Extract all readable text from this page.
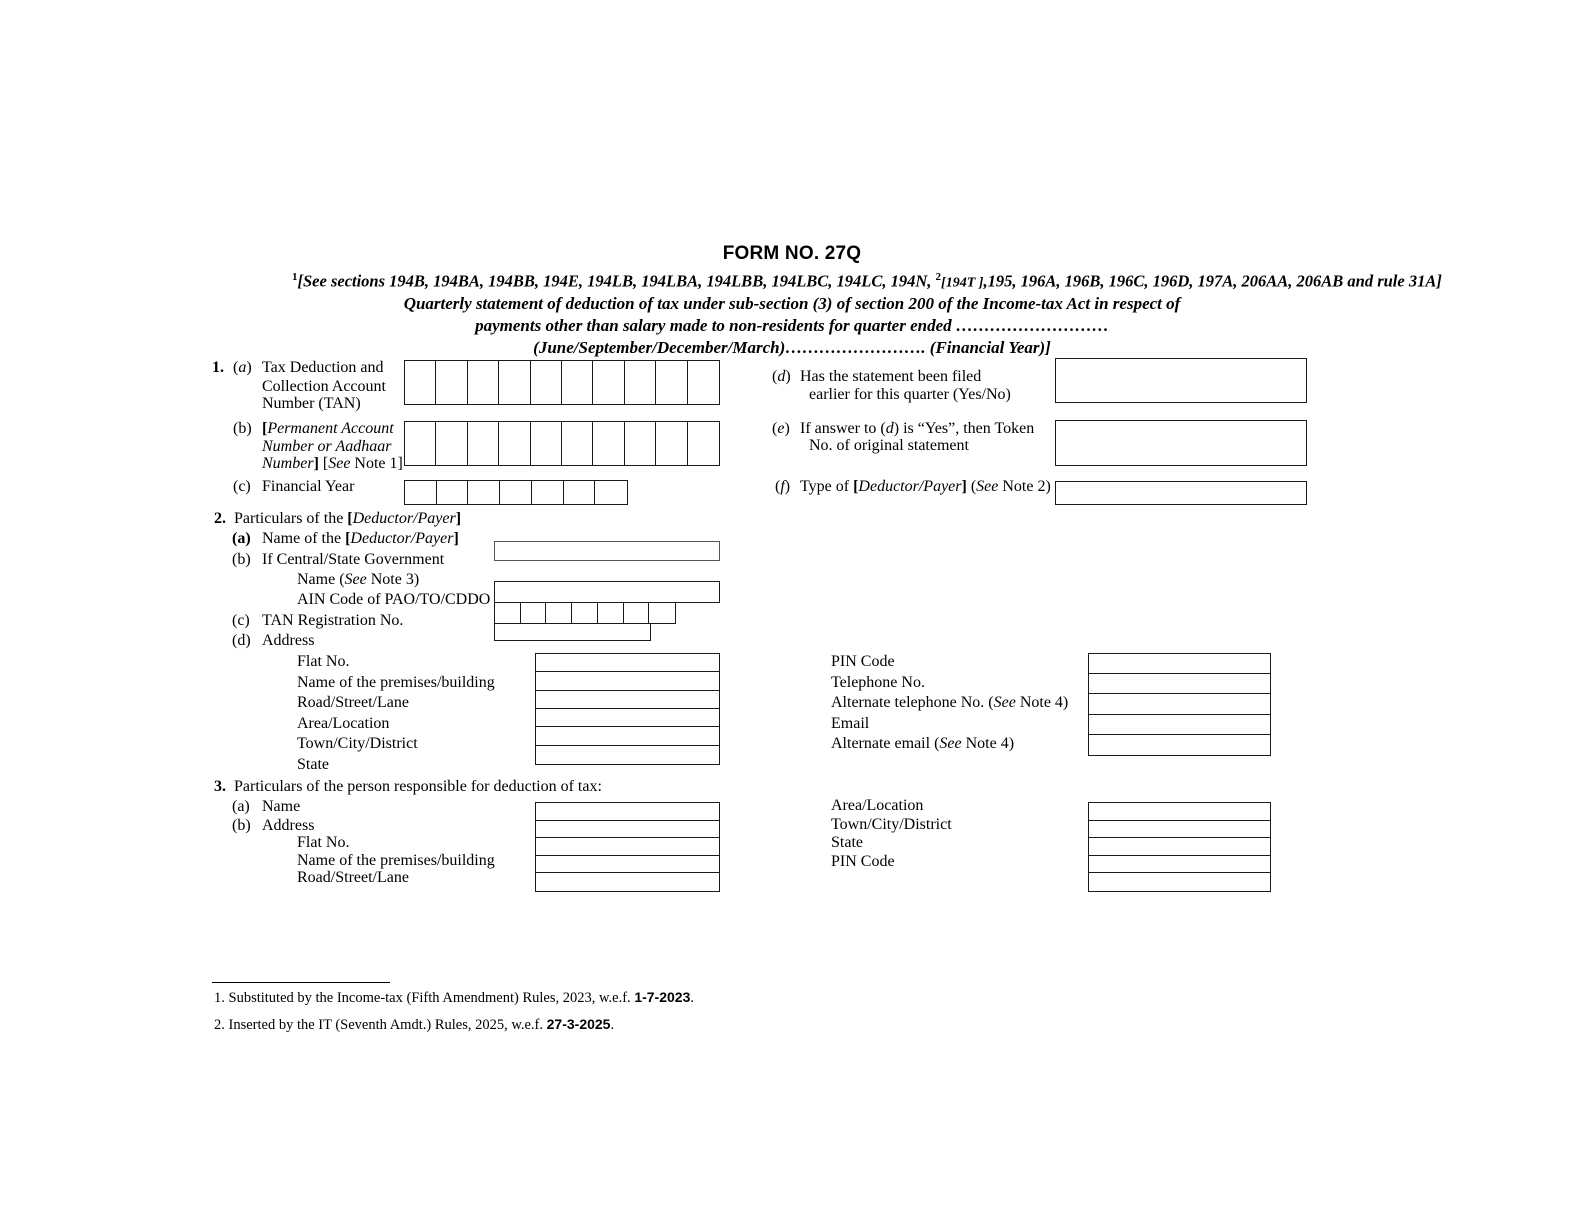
FORM NO. 27Q
$^1$[See sections 194B, 194BA, 194BB, 194E, 194LB, 194LBA, 194LBB, 194LBC, 194LC, 194N, $^2$[194T ],195, 196A, 196B, 196C, 196D, 197A, 206AA, 206AB and rule 31A]
Quarterly statement of deduction of tax under sub-section (3) of section 200 of the Income-tax Act in respect of
payments other than salary made to non-residents for quarter ended ………………………
(June/September/December/March)……………………. (Financial Year)]
1. (a) Tax Deduction and
Collection Account
Number (TAN)
(b) [Permanent Account
Number or Aadhaar
Number] [See Note 1]
(c) Financial Year
(d) Has the statement been filed
earlier for this quarter (Yes/No)
(e) If answer to (d) is “Yes”, then Token
No. of original statement
(f) Type of [Deductor/Payer] (See Note 2)
2. Particulars of the [Deductor/Payer]
(a) Name of the [Deductor/Payer]
(b) If Central/State Government
Name (See Note 3)
AIN Code of PAO/TO/CDDO
(c) TAN Registration No.
(d) Address
Flat No.
Name of the premises/building
Road/Street/Lane
Area/Location
Town/City/District
State
PIN Code
Telephone No.
Alternate telephone No. (See Note 4)
Email
Alternate email (See Note 4)
3. Particulars of the person responsible for deduction of tax:
(a) Name
(b) Address
Flat No.
Name of the premises/building
Road/Street/Lane
Area/Location
Town/City/District
State
PIN Code
1. Substituted by the Income-tax (Fifth Amendment) Rules, 2023, w.e.f. 1-7-2023.
2. Inserted by the IT (Seventh Amdt.) Rules, 2025, w.e.f. 27-3-2025.
